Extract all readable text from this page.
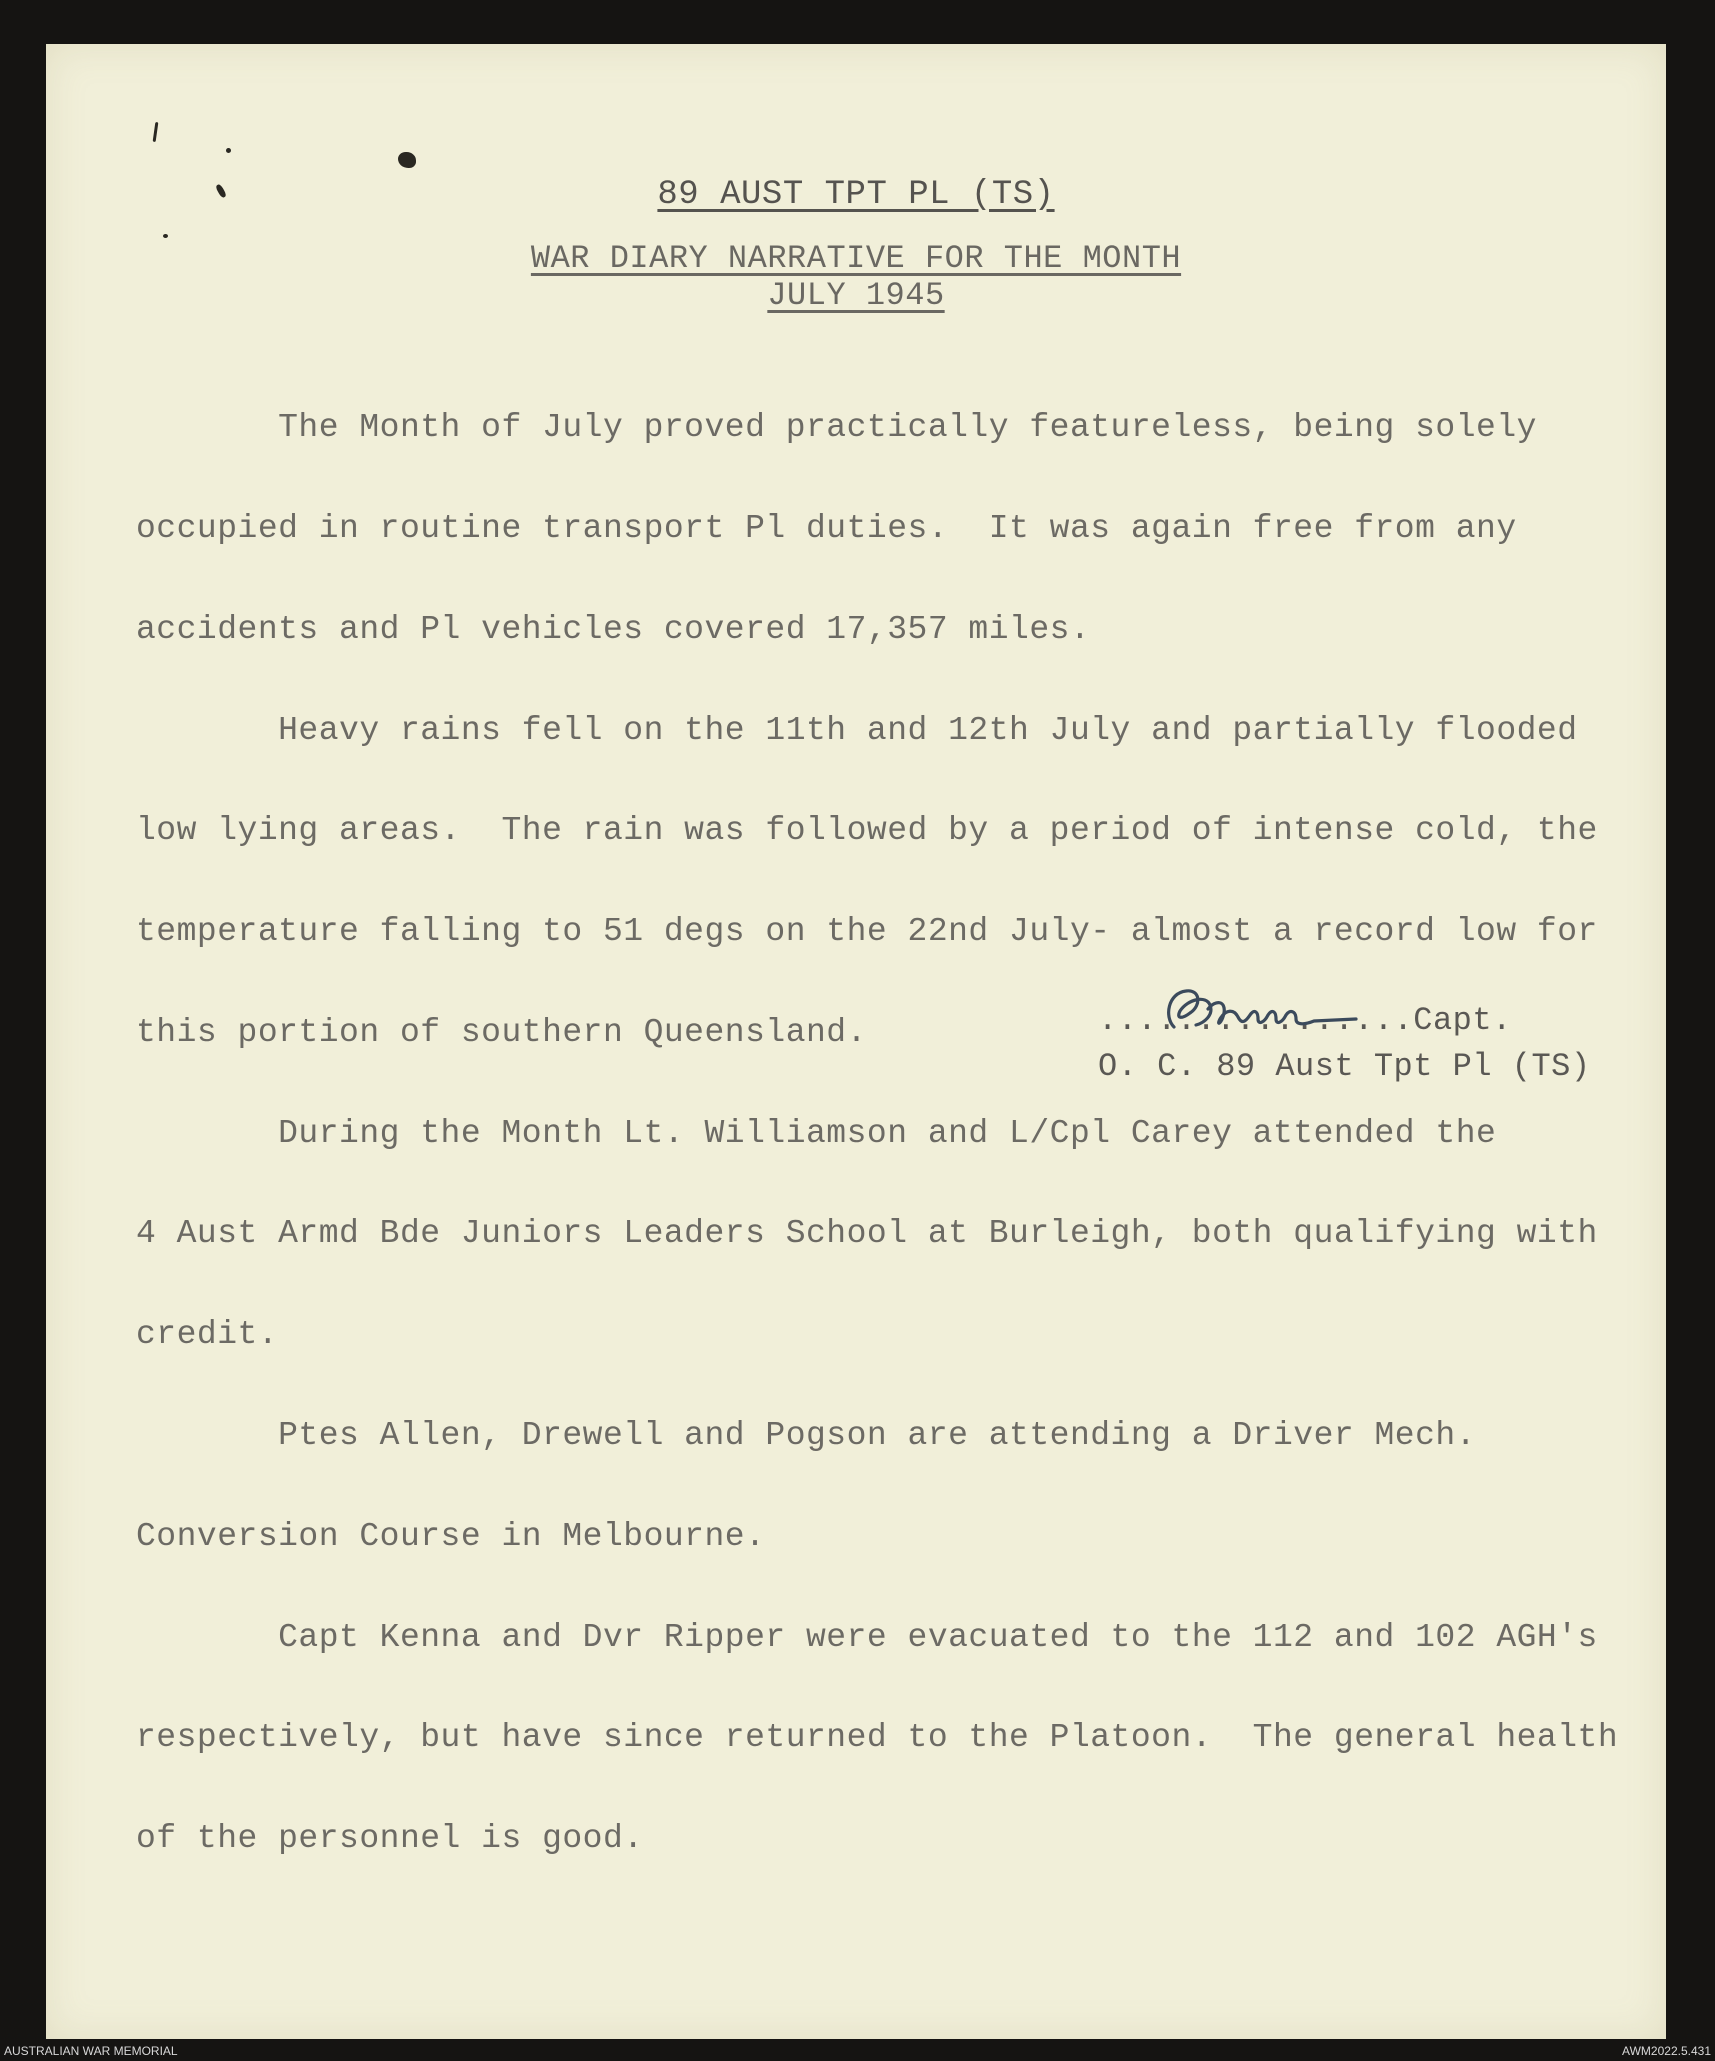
89 AUST TPT PL (TS)
WAR DIARY NARRATIVE FOR THE MONTH
JULY 1945

The Month of July proved practically featureless, being solely

occupied in routine transport Pl duties.  It was again free from any

accidents and Pl vehicles covered 17,357 miles.

Heavy rains fell on the 11th and 12th July and partially flooded

low lying areas.  The rain was followed by a period of intense cold, the

temperature falling to 51 degs on the 22nd July- almost a record low for

this portion of southern Queensland.

During the Month Lt. Williamson and L/Cpl Carey attended the

4 Aust Armd Bde Juniors Leaders School at Burleigh, both qualifying with

credit.

Ptes Allen, Drewell and Pogson are attending a Driver Mech.

Conversion Course in Melbourne.

Capt Kenna and Dvr Ripper were evacuated to the 112 and 102 AGH's

respectively, but have since returned to the Platoon.  The general health

of the personnel is good.

................Capt.
O. C. 89 Aust Tpt Pl (TS)
AUSTRALIAN WAR MEMORIAL	AWM2022.5.431
